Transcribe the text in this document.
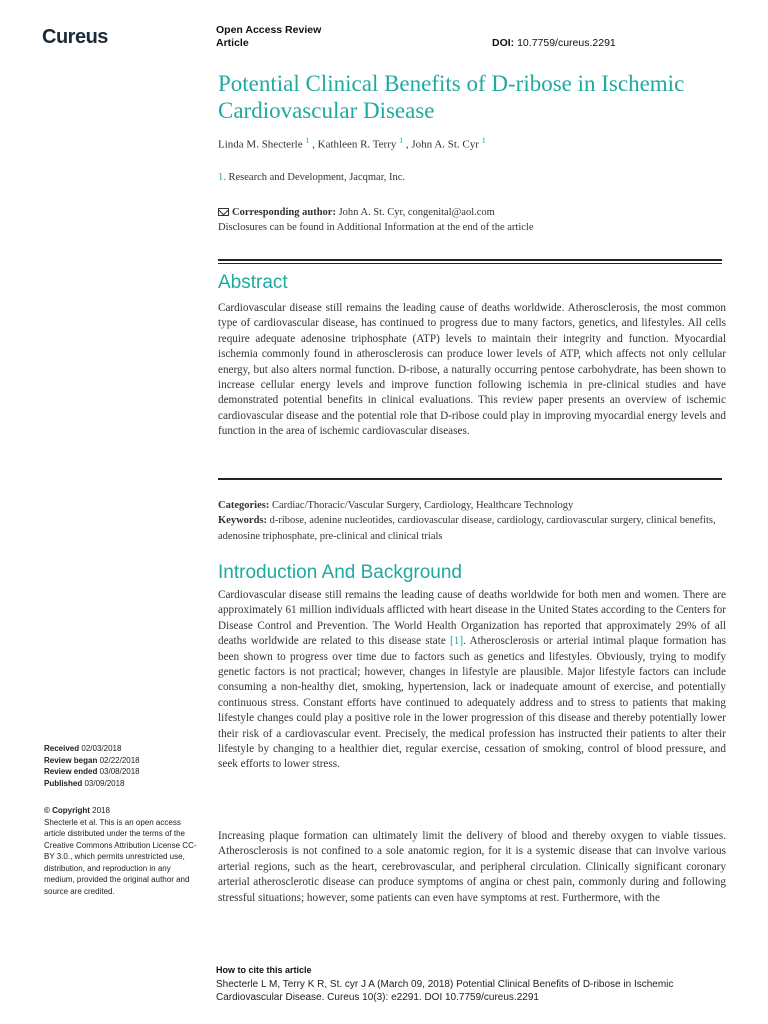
Cureus	Open Access Review
Article	DOI: 10.7759/cureus.2291
Potential Clinical Benefits of D-ribose in Ischemic Cardiovascular Disease
Linda M. Shecterle $^1$ , Kathleen R. Terry $^1$ , John A. St. Cyr $^1$
1. Research and Development, Jacqmar, Inc.
Corresponding author: John A. St. Cyr, congenital@aol.com
Disclosures can be found in Additional Information at the end of the article
Abstract
Cardiovascular disease still remains the leading cause of deaths worldwide. Atherosclerosis, the most common type of cardiovascular disease, has continued to progress due to many factors, genetics, and lifestyles. All cells require adequate adenosine triphosphate (ATP) levels to maintain their integrity and function. Myocardial ischemia commonly found in atherosclerosis can produce lower levels of ATP, which affects not only cellular energy, but also alters normal function. D-ribose, a naturally occurring pentose carbohydrate, has been shown to increase cellular energy levels and improve function following ischemia in pre-clinical studies and have demonstrated potential benefits in clinical evaluations. This review paper presents an overview of ischemic cardiovascular disease and the potential role that D-ribose could play in improving myocardial energy levels and function in the area of ischemic cardiovascular diseases.
Categories: Cardiac/Thoracic/Vascular Surgery, Cardiology, Healthcare Technology
Keywords: d-ribose, adenine nucleotides, cardiovascular disease, cardiology, cardiovascular surgery, clinical benefits, adenosine triphosphate, pre-clinical and clinical trials
Introduction And Background
Cardiovascular disease still remains the leading cause of deaths worldwide for both men and women. There are approximately 61 million individuals afflicted with heart disease in the United States according to the Centers for Disease Control and Prevention. The World Health Organization has reported that approximately 29% of all deaths worldwide are related to this disease state [1]. Atherosclerosis or arterial intimal plaque formation has been shown to progress over time due to factors such as genetics and lifestyles. Obviously, trying to modify genetic factors is not practical; however, changes in lifestyle are plausible. Major lifestyle factors can include consuming a non-healthy diet, smoking, hypertension, lack or inadequate amount of exercise, and potentially continuous stress. Constant efforts have continued to adequately address and to stress to patients that making lifestyle changes could play a positive role in the lower progression of this disease and thereby potentially lower their risk of a cardiovascular event. Precisely, the medical profession has instructed their patients to alter their lifestyle by changing to a healthier diet, regular exercise, cessation of smoking, control of blood pressure, and seek efforts to lower stress.
Increasing plaque formation can ultimately limit the delivery of blood and thereby oxygen to viable tissues. Atherosclerosis is not confined to a sole anatomic region, for it is a systemic disease that can involve various arterial regions, such as the heart, cerebrovascular, and peripheral circulation. Clinically significant coronary arterial atherosclerotic disease can produce symptoms of angina or chest pain, commonly during and following stressful situations; however, some patients can even have symptoms at rest. Furthermore, with the
Received 02/03/2018
Review began 02/22/2018
Review ended 03/08/2018
Published 03/09/2018
© Copyright 2018
Shecterle et al. This is an open access article distributed under the terms of the Creative Commons Attribution License CC-BY 3.0., which permits unrestricted use, distribution, and reproduction in any medium, provided the original author and source are credited.
How to cite this article
Shecterle L M, Terry K R, St. cyr J A (March 09, 2018) Potential Clinical Benefits of D-ribose in Ischemic Cardiovascular Disease. Cureus 10(3): e2291. DOI 10.7759/cureus.2291
